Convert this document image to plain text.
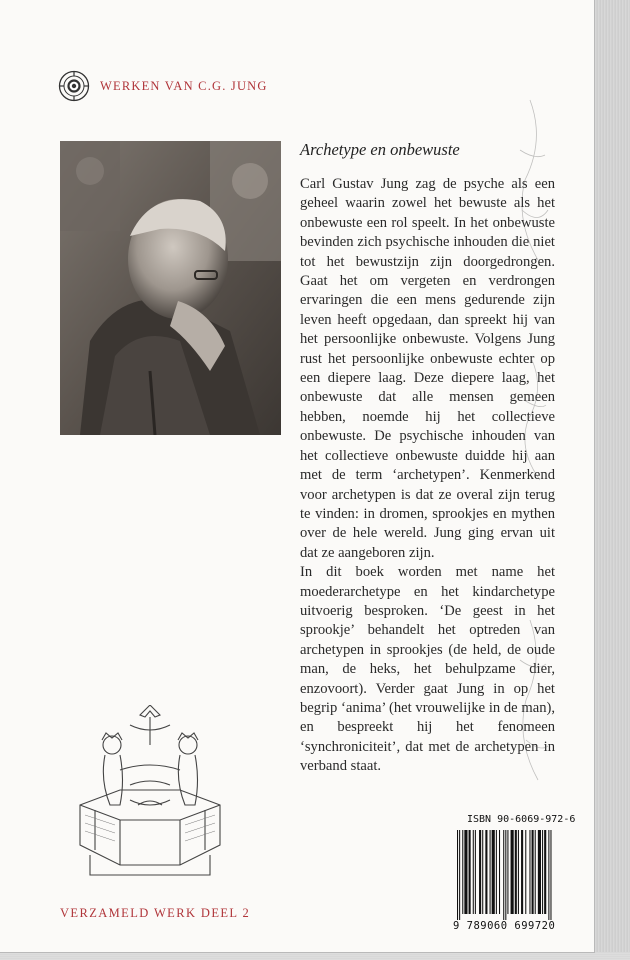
WERKEN VAN C.G. JUNG
Archetype en onbewuste

Carl Gustav Jung zag de psyche als een geheel waarin zowel het bewuste als het onbewuste een rol speelt. In het onbewuste bevinden zich psychische inhouden die niet tot het bewustzijn zijn doorgedrongen. Gaat het om vergeten en verdrongen ervaringen die een mens gedurende zijn leven heeft opgedaan, dan spreekt hij van het persoonlijke onbewuste. Volgens Jung rust het persoonlijke onbewuste echter op een diepere laag. Deze diepere laag, het onbewuste dat alle mensen gemeen hebben, noemde hij het collectieve onbewuste. De psychische inhouden van het collectieve onbewuste duidde hij aan met de term ‘archetypen’. Kenmerkend voor archetypen is dat ze overal zijn terug te vinden: in dromen, sprookjes en mythen over de hele wereld. Jung ging ervan uit dat ze aangeboren zijn.

In dit boek worden met name het moederarchetype en het kindarchetype uitvoerig besproken. ‘De geest in het sprookje’ behandelt het optreden van archetypen in sprookjes (de held, de oude man, de heks, het behulpzame dier, enzovoort). Verder gaat Jung in op het begrip ‘anima’ (het vrouwelijke in de man), en bespreekt hij het fenomeen ‘synchroniciteit’, dat met de archetypen in verband staat.

VERZAMELD WERK DEEL 2
ISBN 90-6069-972-6
9 789060 699720
